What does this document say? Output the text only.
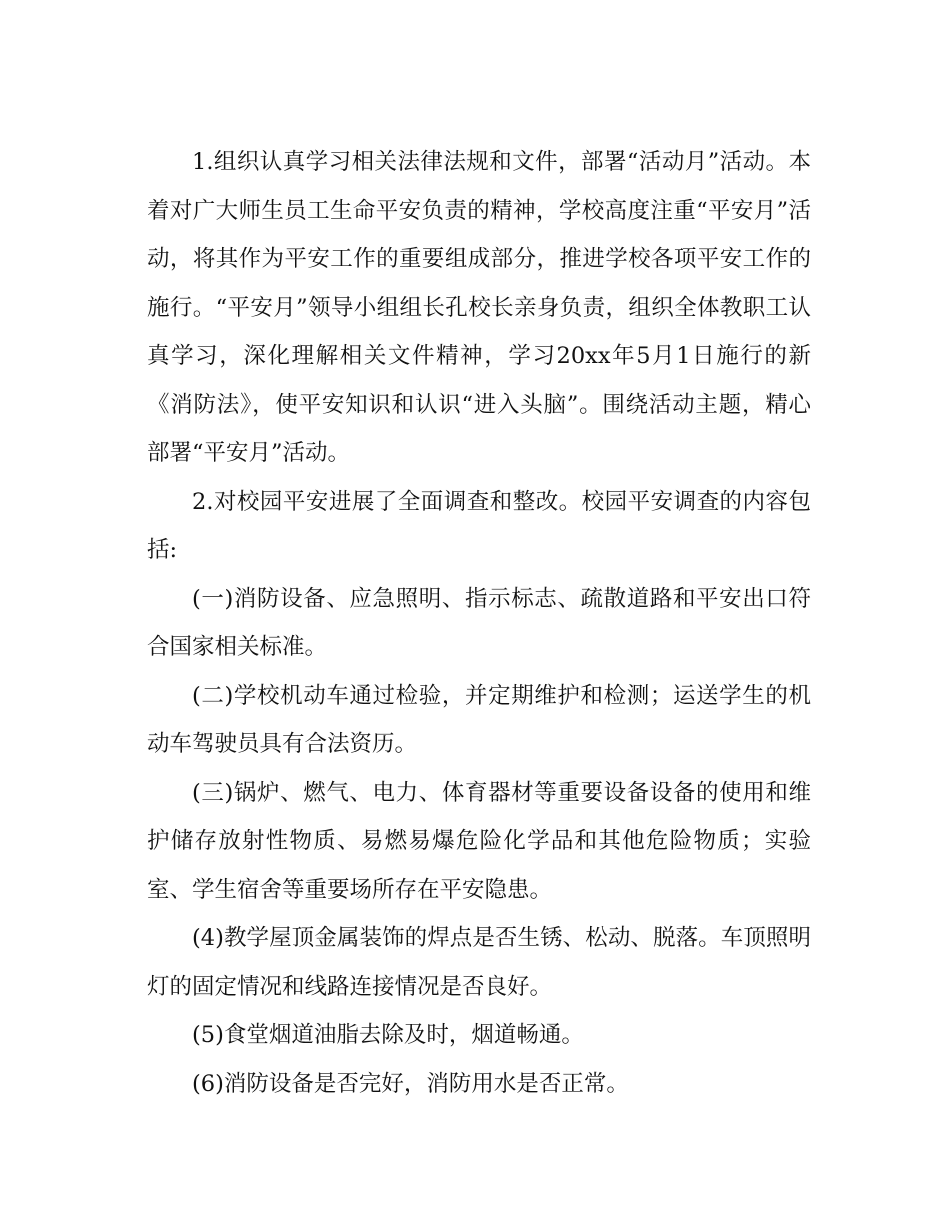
1.组织认真学习相关法律法规和文件，部署“活动月”活动。本着对广大师生员工生命平安负责的精神，学校高度注重“平安月”活动，将其作为平安工作的重要组成部分，推进学校各项平安工作的施行。“平安月”领导小组组长孔校长亲身负责，组织全体教职工认真学习，深化理解相关文件精神，学习20xx年5月1日施行的新《消防法》，使平安知识和认识“进入头脑”。围绕活动主题，精心部署“平安月”活动。

2.对校园平安进展了全面调查和整改。校园平安调查的内容包括:

(一)消防设备、应急照明、指示标志、疏散道路和平安出口符合国家相关标准。

(二)学校机动车通过检验，并定期维护和检测；运送学生的机动车驾驶员具有合法资历。

(三)锅炉、燃气、电力、体育器材等重要设备设备的使用和维护储存放射性物质、易燃易爆危险化学品和其他危险物质；实验室、学生宿舍等重要场所存在平安隐患。

(4)教学屋顶金属装饰的焊点是否生锈、松动、脱落。车顶照明灯的固定情况和线路连接情况是否良好。

(5)食堂烟道油脂去除及时，烟道畅通。

(6)消防设备是否完好，消防用水是否正常。
